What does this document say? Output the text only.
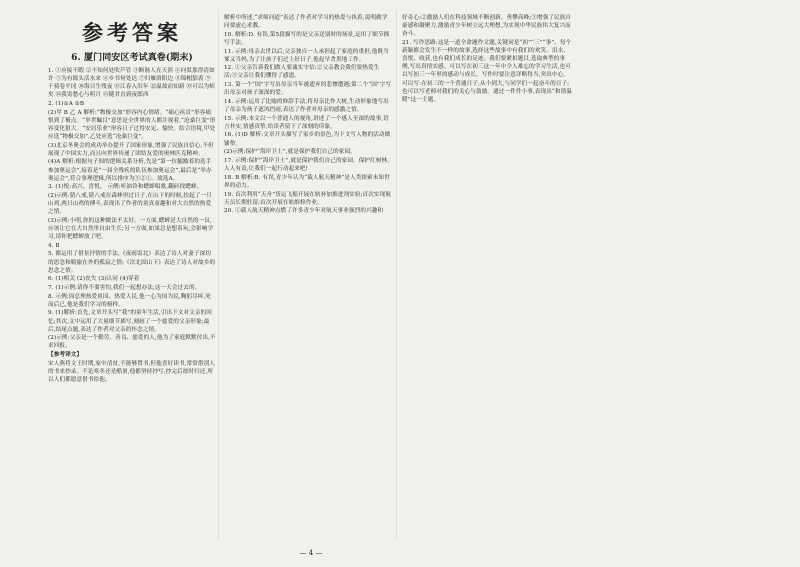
参考答案
6. 厦门同安区考试真卷(期末)

1. ①应接不暇 ②不知何处吹芦管 ③断肠人在天涯 ④问渠那得清如许 ⑤为有源头活水来 ⑥乡书何处达 ⑦归雁洛阳边 ⑧锦帽貂裘 ⑨千骑卷平冈 ⑩海日生残夜 ⑪江春入旧年 ⑫温故而知新 ⑬可以为师矣 ⑭我寄愁心与明月 ⑮随君直到夜郎西

2. (1)①A ②B

(2)甲 B 乙 A 解析:“物极交加”形容内心情绪。“痛心疾首”形容痛恨到了极点。“举世瞩目”意思是全世界的人都注视着,“沧桑巨变”形容变化很大。“安居乐业”形容日子过得安定、愉快。结合语境,甲处应选“物极交加”,乙处应选“沧桑巨变”。

(3)北京冬奥会的成功举办提升了国家形象,增强了民族自信心,不但展现了中国实力,而且向世界传递了团结友爱的奥林匹克精神。

(4)A 解析:根据句子间的逻辑关系分析,先是“第一位腿跛着的选手参加奥运会”,接着是“一届全残疾的队伍参加奥运会”,最后是“举办奥运会”,符合事理逻辑,所以排序为③②①。故选A。

3. (1)悦:高兴、喜悦。 示例:听油铃和蟋蟀唱歌,翻砖找蟋蟀。

(2)示例:猜八戒,猜八戒在森林里过日子,在山下的时候,扶起了一只山鸡,两只山鸡的搏斗,表现出了作者的童真童趣和对大自然的热爱之情。

(3)示例:小明,你的这种做法不太好。一方面,蟋蟀是大自然的一员,应该让它在大自然里自由生长;另一方面,如果总是想着玩,会影响学习,请你把蟋蟀放了吧。

4. B

5. 都运用了借景抒情的手法,《夜雨寄北》表达了诗人对妻子深切的思念和羁旅在外的孤寂之情;《次北固山下》表达了诗人对故乡的思念之情。

6. (1)相关 (2)丧失 (3)认同 (4)穿着

7. (1)示例:请你不要害怕,我们一起想办法,这一天会过去的。

8. 示例:周总理热爱祖国、热爱人民,他一心为国为民,鞠躬尽瘁,死而后已,他是我们学习的榜样。

9. (1)解析:首先,文章开头写“我”的童年生活,引出下文对父亲的回忆;其次,文中运用了大量细节描写,刻画了一个慈爱的父亲形象;最后,结尾点题,表达了作者对父亲的怀念之情。

(2)示例:父亲是一个勤劳、善良、慈爱的人,他为了家庭默默付出,不求回报。

【参考译文】

宋人燕将文王时期,家中清贫,不能够置书,但他喜好读书,常常借别人的书来抄录。不论寒冬还是酷暑,他都坚持抄写,抄完后按时归还,所以人们都愿意借书给他。

解析中所述,“求师问道”表达了作者对学习的热爱与执着,说明做学问要虚心求教。

10. 解析:D. 有误,第5段描写的是父亲送别时的场景,运用了细节描写手法。

11. 示例:母亲去世以后,父亲独自一人承担起了家庭的重担,他既当爹又当妈,为了让孩子们过上好日子,他起早贪黑地工作。

12. ①父亲告诉我们做人要诚实守信;②父亲教会我们要热爱生活;③父亲让我们懂得了感恩。

13. 第一个“国”字写出母亲当年被遗弃的悲惨遭遇;第二个“国”字写出母亲对孩子深深的爱。

14. 示例:运用了比喻的修辞手法,将母亲比作大树,生动形象地写出了母亲为孩子遮风挡雨,表达了作者对母亲的感激之情。

15. 示例:本文以一个普通人的视角,讲述了一个感人至深的故事,语言朴实,情感真挚,给读者留下了深刻的印象。

16. (1)D 解析:文章开头描写了家乡的景色,为下文写人物的活动做铺垫。

(2)示例:保护“海岸卫士”,就是保护我们自己的家园。

17. 示例:保护“海岸卫士”,就是保护我们自己的家园。保护红树林,人人有责,让我们一起行动起来吧!

18. B 解析:B. 有误,青少年认为“载人航天精神”是人类探索未知世界的动力。

19. 首次利用“天舟”货运飞船开展在轨补加推进剂实验;首次实现航天员长期驻留;首次开展在轨维修作业。

20. ①载人航天精神点燃了许多青少年对航天事业强烈的兴趣和

好奇心;②激励人们在科技领域不断创新、勇攀高峰;③增强了民族自豪感和凝聚力,激励青少年树立远大理想,为实现中华民族伟大复兴而奋斗。

21. 写作思路:这是一道全命题作文题,关键词是“初”“三”“事”。每个新颖都会发生不一样的故事,选择这些故事中有我们的欢笑、泪水、喜悦、收获,也有我们成长的足迹。我们要紧扣题目,选取典型的事例,写出真情实感。可以写在初三这一年中令人难忘的学习生活,也可以写初三一年里的感动与成长。写作时要注意详略得当,突出中心。

可以写:在初三的一个普通日子,从小到大,与同学们一起奋斗的日子;也可以写老师对我们的关心与鼓励。通过一件件小事,表现出“和谐温暖”这一主题。

— 4 —
